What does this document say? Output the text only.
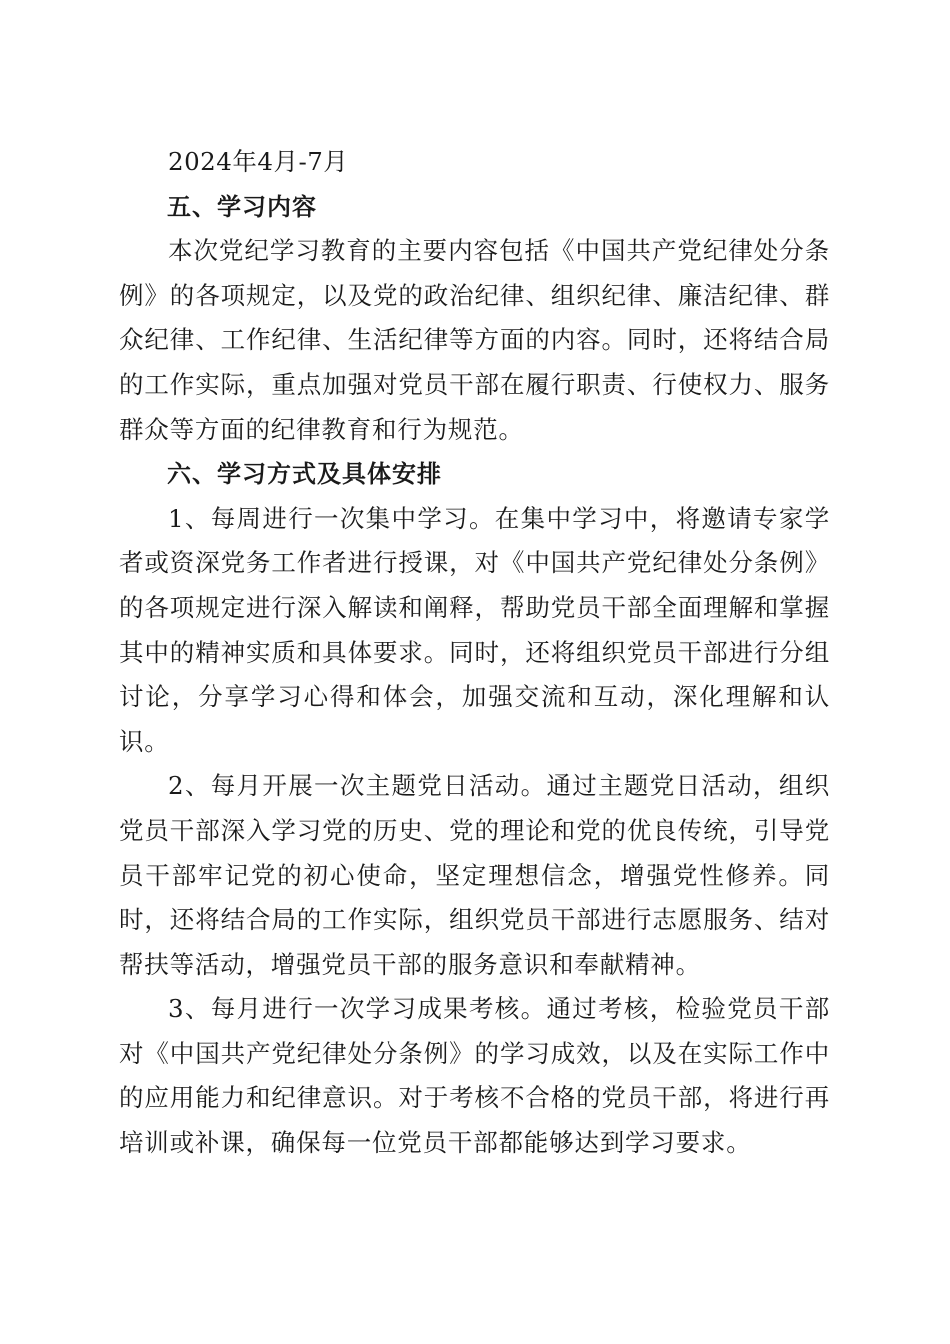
2024年4月-7月

五、学习内容

本次党纪学习教育的主要内容包括《中国共产党纪律处分条例》的各项规定，以及党的政治纪律、组织纪律、廉洁纪律、群众纪律、工作纪律、生活纪律等方面的内容。同时，还将结合局的工作实际，重点加强对党员干部在履行职责、行使权力、服务群众等方面的纪律教育和行为规范。

六、学习方式及具体安排

1、每周进行一次集中学习。在集中学习中，将邀请专家学者或资深党务工作者进行授课，对《中国共产党纪律处分条例》的各项规定进行深入解读和阐释，帮助党员干部全面理解和掌握其中的精神实质和具体要求。同时，还将组织党员干部进行分组讨论，分享学习心得和体会，加强交流和互动，深化理解和认识。

2、每月开展一次主题党日活动。通过主题党日活动，组织党员干部深入学习党的历史、党的理论和党的优良传统，引导党员干部牢记党的初心使命，坚定理想信念，增强党性修养。同时，还将结合局的工作实际，组织党员干部进行志愿服务、结对帮扶等活动，增强党员干部的服务意识和奉献精神。

3、每月进行一次学习成果考核。通过考核，检验党员干部对《中国共产党纪律处分条例》的学习成效，以及在实际工作中的应用能力和纪律意识。对于考核不合格的党员干部，将进行再培训或补课，确保每一位党员干部都能够达到学习要求。
